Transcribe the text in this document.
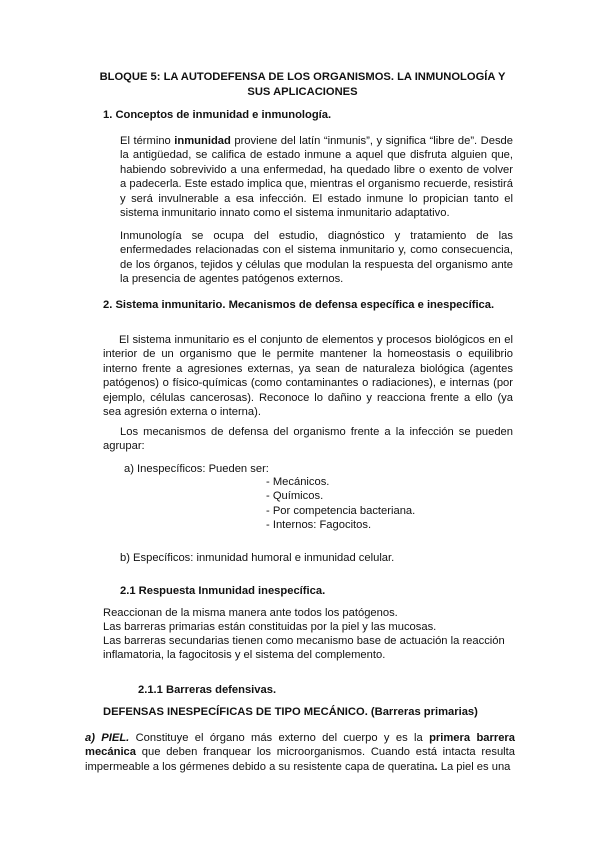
BLOQUE 5: LA AUTODEFENSA DE LOS ORGANISMOS. LA INMUNOLOGÍA Y SUS APLICACIONES
1. Conceptos de inmunidad e inmunología.
El término inmunidad proviene del latín “inmunis”, y significa “libre de”. Desde la antigüedad, se califica de estado inmune a aquel que disfruta alguien que, habiendo sobrevivido a una enfermedad, ha quedado libre o exento de volver a padecerla. Este estado implica que, mientras el organismo recuerde, resistirá y será invulnerable a esa infección. El estado inmune lo propician tanto el sistema inmunitario innato como el sistema inmunitario adaptativo.
Inmunología se ocupa del estudio, diagnóstico y tratamiento de las enfermedades relacionadas con el sistema inmunitario y, como consecuencia, de los órganos, tejidos y células que modulan la respuesta del organismo ante la presencia de agentes patógenos externos.
2. Sistema inmunitario. Mecanismos de defensa específica e inespecífica.
El sistema inmunitario es el conjunto de elementos y procesos biológicos en el interior de un organismo que le permite mantener la homeostasis o equilibrio interno frente a agresiones externas, ya sean de naturaleza biológica (agentes patógenos) o físico-químicas (como contaminantes o radiaciones), e internas (por ejemplo, células cancerosas). Reconoce lo dañino y reacciona frente a ello (ya sea agresión externa o interna).
Los mecanismos de defensa del organismo frente a la infección se pueden agrupar:
a) Inespecíficos: Pueden ser:
- Mecánicos.
- Químicos.
- Por competencia bacteriana.
- Internos: Fagocitos.
b) Específicos: inmunidad humoral e inmunidad celular.
2.1 Respuesta Inmunidad inespecífica.
Reaccionan de la misma manera ante todos los patógenos.
Las barreras primarias están constituidas por la piel y las mucosas.
Las barreras secundarias tienen como mecanismo base de actuación la reacción inflamatoria, la fagocitosis y el sistema del complemento.
2.1.1 Barreras defensivas.
DEFENSAS INESPECÍFICAS DE TIPO MECÁNICO. (Barreras primarias)
a) PIEL. Constituye el órgano más externo del cuerpo y es la primera barrera mecánica que deben franquear los microorganismos. Cuando está intacta resulta impermeable a los gérmenes debido a su resistente capa de queratina. La piel es una
